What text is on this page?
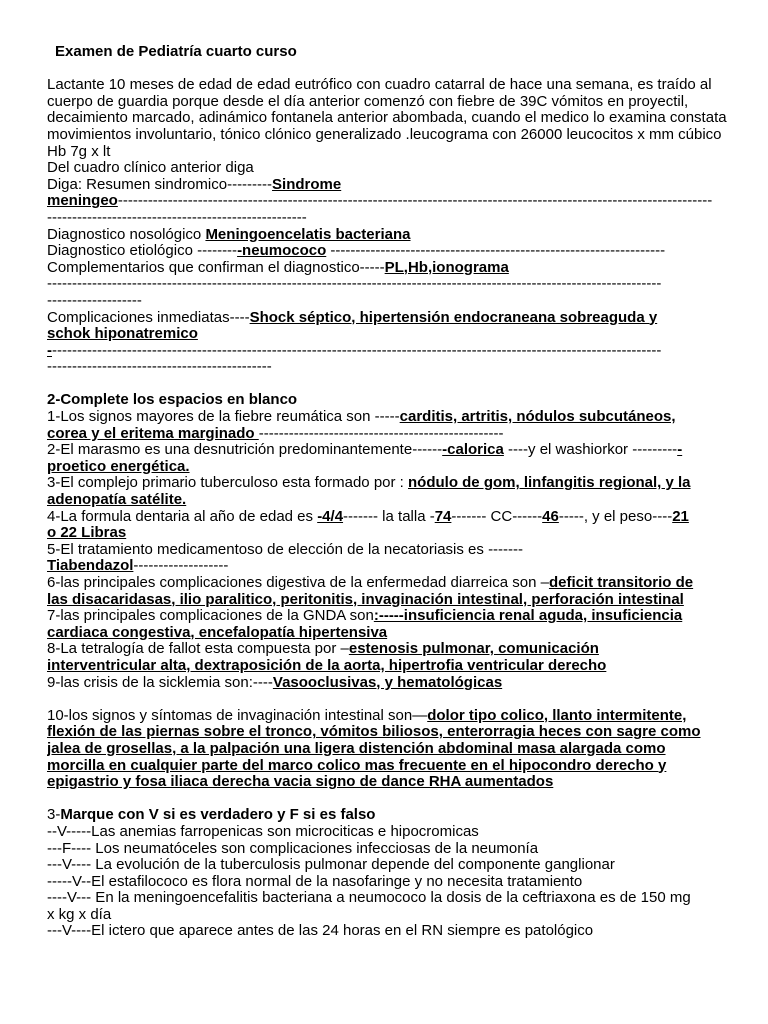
Examen de Pediatría cuarto curso
Lactante 10 meses de edad de edad eutrófico con cuadro catarral de hace una semana, es traído al cuerpo de guardia porque desde el día anterior comenzó con fiebre de 39C vómitos en proyectil, decaimiento marcado, adinámico fontanela anterior abombada, cuando el medico lo examina constata movimientos involuntario, tónico clónico generalizado .leucograma con 26000 leucocitos x mm cúbico Hb 7g x lt
Del cuadro clínico anterior diga
Diga: Resumen sindromico---------Sindrome
meningeo-----------------------------------------------------------------------------------------------------------------------
----------------------------------------------------
Diagnostico nosológico Meningoencelatis bacteriana
Diagnostico etiológico ---------neumococo -------------------------------------------------------------------
Complementarios que confirman el diagnostico-----PL,Hb,ionograma
---------------------------------------------------------------------------------------------------------------------------
-------------------
Complicaciones inmediatas----Shock séptico, hipertensión endocraneana sobreaguda y
schok hiponatremico
---------------------------------------------------------------------------------------------------------------------------
---------------------------------------------
2-Complete los espacios en blanco
1-Los signos mayores de la fiebre reumática son -----carditis, artritis, nódulos subcutáneos,
corea y el eritema marginado -------------------------------------------------
2-El marasmo es una desnutrición predominantemente-------calorica ----y el washiorkor ----------
proetico energética.
3-El complejo primario tuberculoso esta formado por : nódulo de gom, linfangitis regional, y la
adenopatía satélite.
4-La formula dentaria al año de edad es -4/4------- la talla -74------- CC------46-----, y el peso----21
o 22 Libras
5-El tratamiento medicamentoso de elección de la necatoriasis es -------
Tiabendazol-------------------
6-las principales complicaciones digestiva de la enfermedad diarreica son –deficit transitorio de
las disacaridasas, ilio paralitico, peritonitis, invaginación intestinal, perforación intestinal
7-las principales complicaciones de la GNDA son:-----insuficiencia renal aguda, insuficiencia
cardiaca congestiva, encefalopatía hipertensiva
8-La tetralogía de fallot esta compuesta por –estenosis pulmonar, comunicación
interventricular alta, dextraposición de la aorta, hipertrofia ventricular derecho
9-las crisis de la sicklemia son:----Vasooclusivas, y hematológicas
10-los signos y síntomas de invaginación intestinal son—dolor tipo colico, llanto intermitente,
flexión de las piernas sobre el tronco, vómitos biliosos, enterorragia heces con sagre como
jalea de grosellas, a la palpación una ligera distención abdominal masa alargada como
morcilla en cualquier parte del marco colico mas frecuente en el hipocondro derecho y
epigastrio y fosa iliaca derecha vacia signo de dance RHA aumentados
3-Marque con V si es verdadero y F si es falso
--V-----Las anemias farropenicas son microciticas e hipocromicas
---F---- Los neumatóceles son complicaciones infecciosas de la neumonía
---V---- La evolución de la tuberculosis pulmonar depende del componente ganglionar
-----V--El estafilococo es flora normal de la nasofaringe y no necesita tratamiento
----V--- En la meningoencefalitis bacteriana a neumococo la dosis de la ceftriaxona es de 150 mg
x kg x día
---V----El ictero que aparece antes de las 24 horas en el RN siempre es patológico
